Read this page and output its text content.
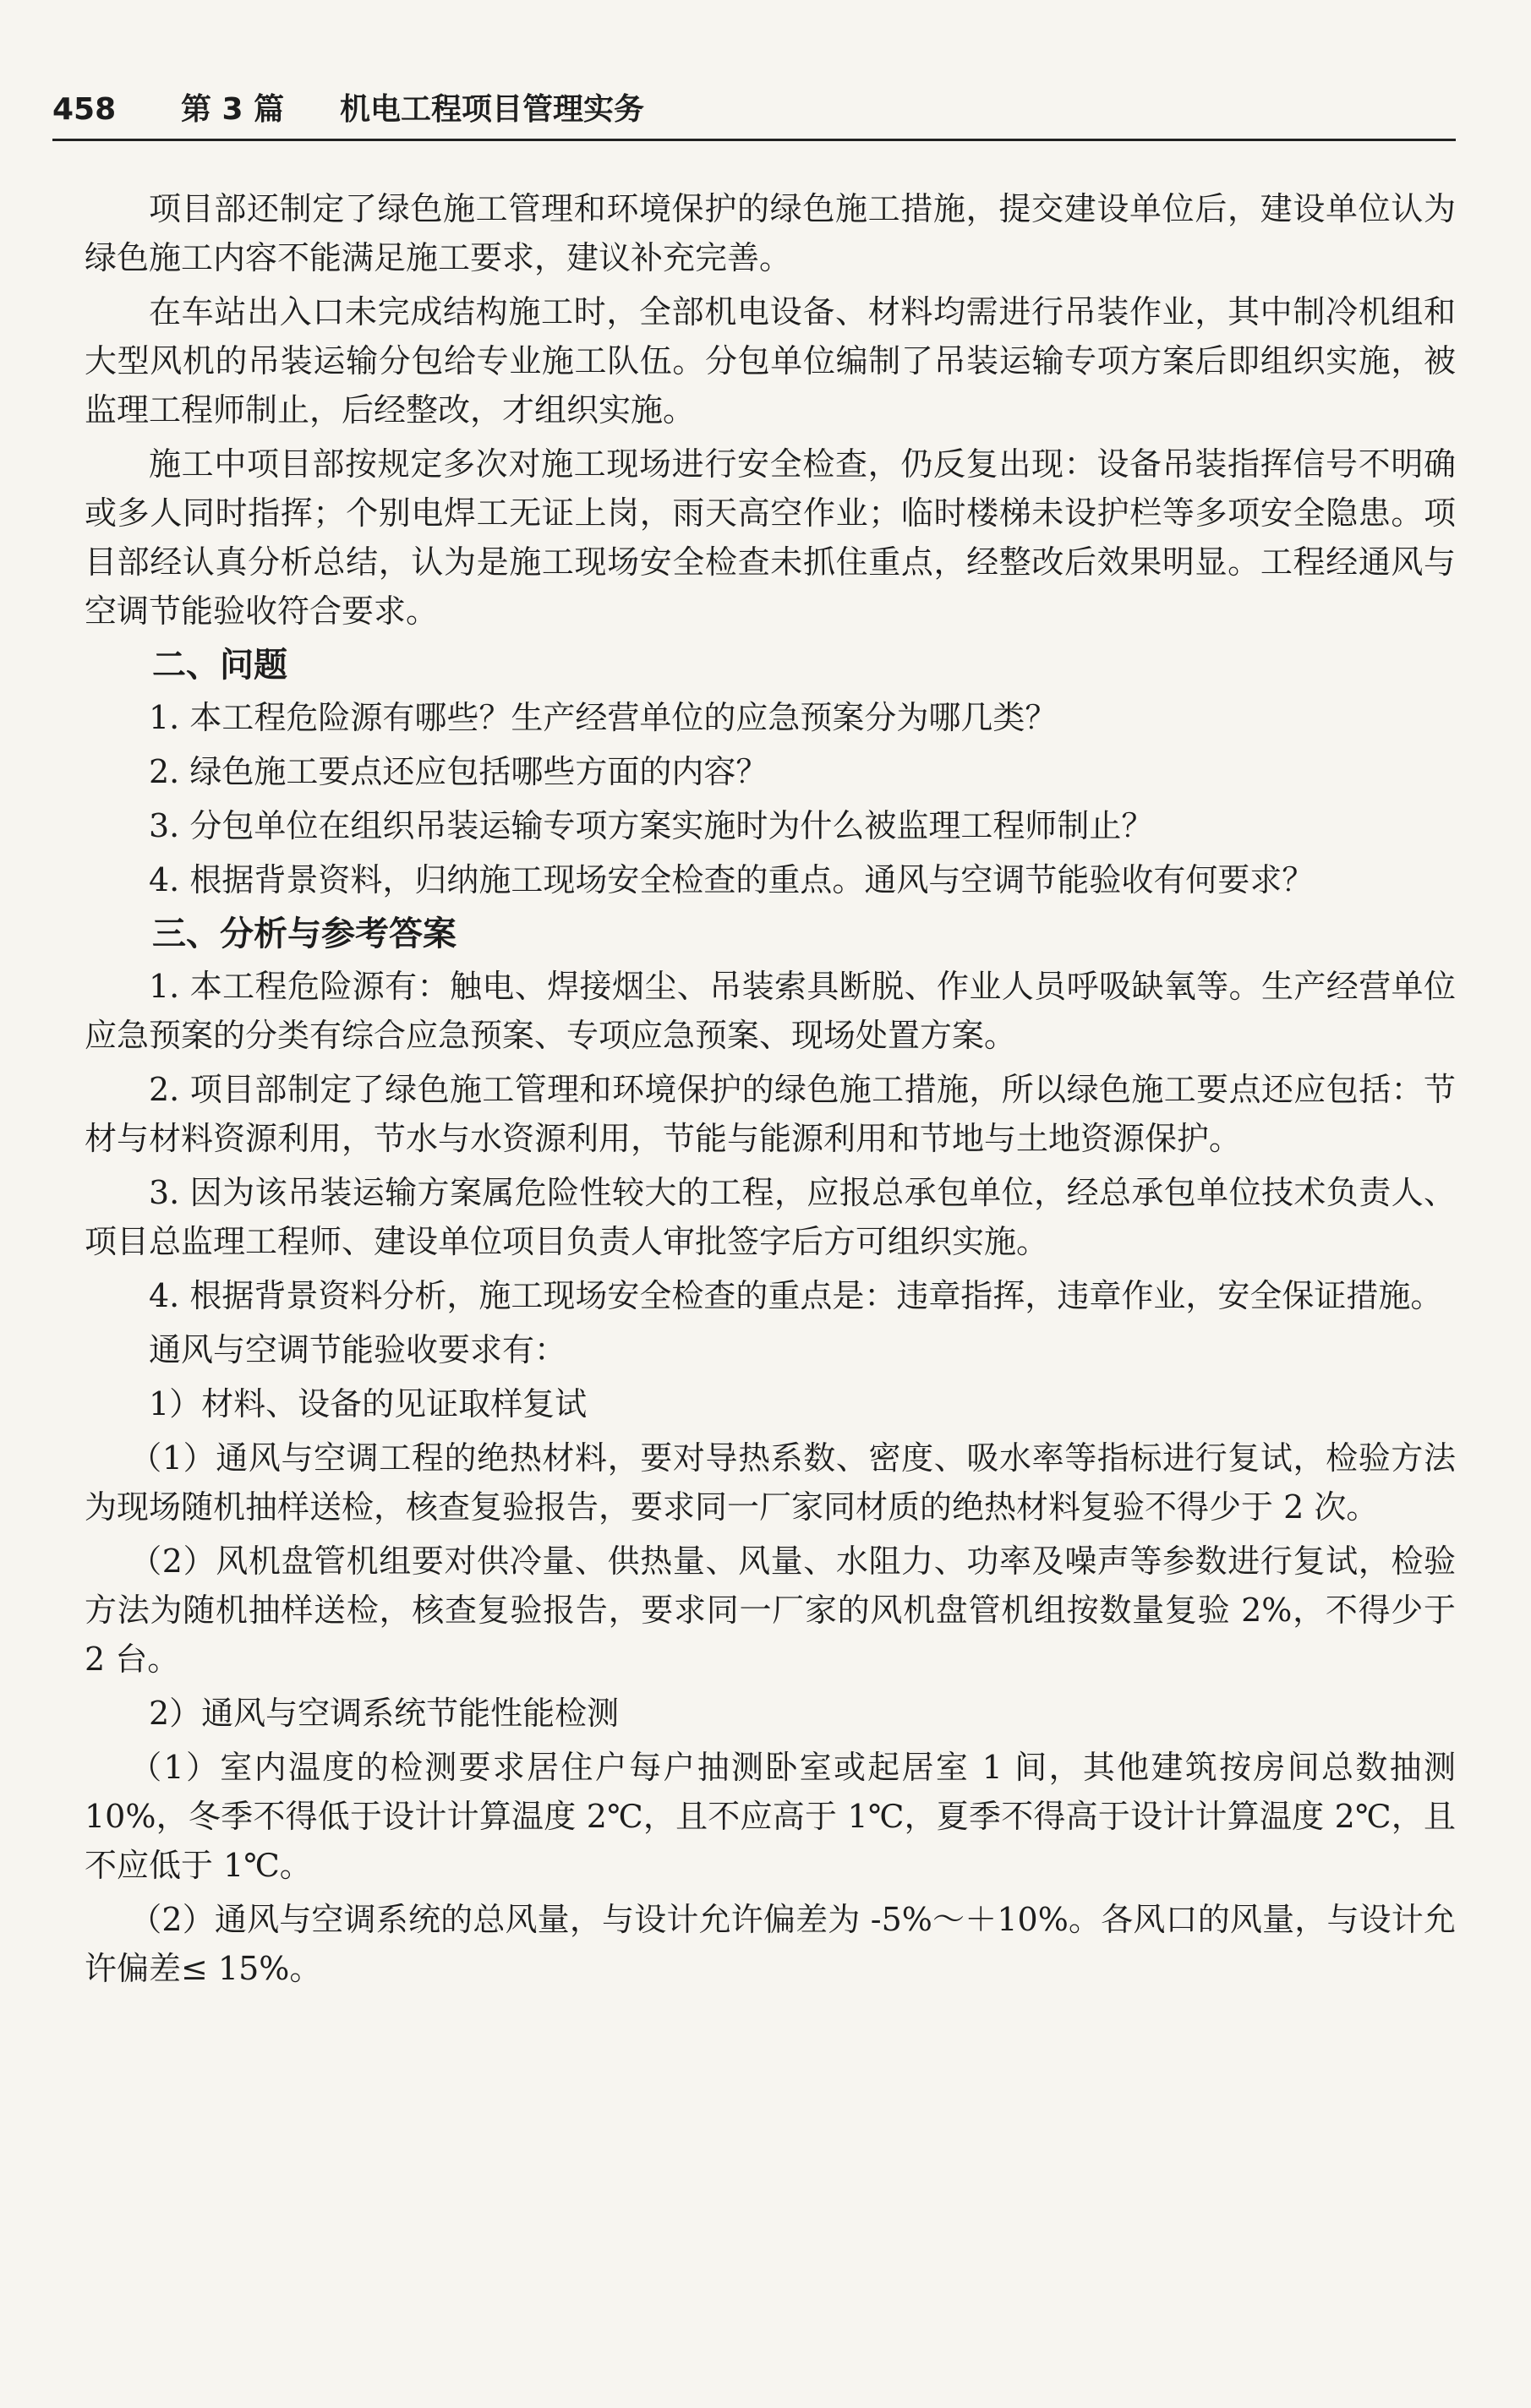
458 第 3 篇 机电工程项目管理实务

项目部还制定了绿色施工管理和环境保护的绿色施工措施，提交建设单位后，建设单位认为绿色施工内容不能满足施工要求，建议补充完善。

在车站出入口未完成结构施工时，全部机电设备、材料均需进行吊装作业，其中制冷机组和大型风机的吊装运输分包给专业施工队伍。分包单位编制了吊装运输专项方案后即组织实施，被监理工程师制止，后经整改，才组织实施。

施工中项目部按规定多次对施工现场进行安全检查，仍反复出现：设备吊装指挥信号不明确或多人同时指挥；个别电焊工无证上岗，雨天高空作业；临时楼梯未设护栏等多项安全隐患。项目部经认真分析总结，认为是施工现场安全检查未抓住重点，经整改后效果明显。工程经通风与空调节能验收符合要求。

二、问题

1. 本工程危险源有哪些？生产经营单位的应急预案分为哪几类？

2. 绿色施工要点还应包括哪些方面的内容？

3. 分包单位在组织吊装运输专项方案实施时为什么被监理工程师制止？

4. 根据背景资料，归纳施工现场安全检查的重点。通风与空调节能验收有何要求？

三、分析与参考答案

1. 本工程危险源有：触电、焊接烟尘、吊装索具断脱、作业人员呼吸缺氧等。生产经营单位应急预案的分类有综合应急预案、专项应急预案、现场处置方案。

2. 项目部制定了绿色施工管理和环境保护的绿色施工措施，所以绿色施工要点还应包括：节材与材料资源利用，节水与水资源利用，节能与能源利用和节地与土地资源保护。

3. 因为该吊装运输方案属危险性较大的工程，应报总承包单位，经总承包单位技术负责人、项目总监理工程师、建设单位项目负责人审批签字后方可组织实施。

4. 根据背景资料分析，施工现场安全检查的重点是：违章指挥，违章作业，安全保证措施。

通风与空调节能验收要求有：

1）材料、设备的见证取样复试

（1）通风与空调工程的绝热材料，要对导热系数、密度、吸水率等指标进行复试，检验方法为现场随机抽样送检，核查复验报告，要求同一厂家同材质的绝热材料复验不得少于 2 次。

（2）风机盘管机组要对供冷量、供热量、风量、水阻力、功率及噪声等参数进行复试，检验方法为随机抽样送检，核查复验报告，要求同一厂家的风机盘管机组按数量复验 2%，不得少于 2 台。

2）通风与空调系统节能性能检测

（1）室内温度的检测要求居住户每户抽测卧室或起居室 1 间，其他建筑按房间总数抽测 10%，冬季不得低于设计计算温度 2℃，且不应高于 1℃，夏季不得高于设计计算温度 2℃，且不应低于 1℃。

（2）通风与空调系统的总风量，与设计允许偏差为 -5%～＋10%。各风口的风量，与设计允许偏差≤ 15%。
